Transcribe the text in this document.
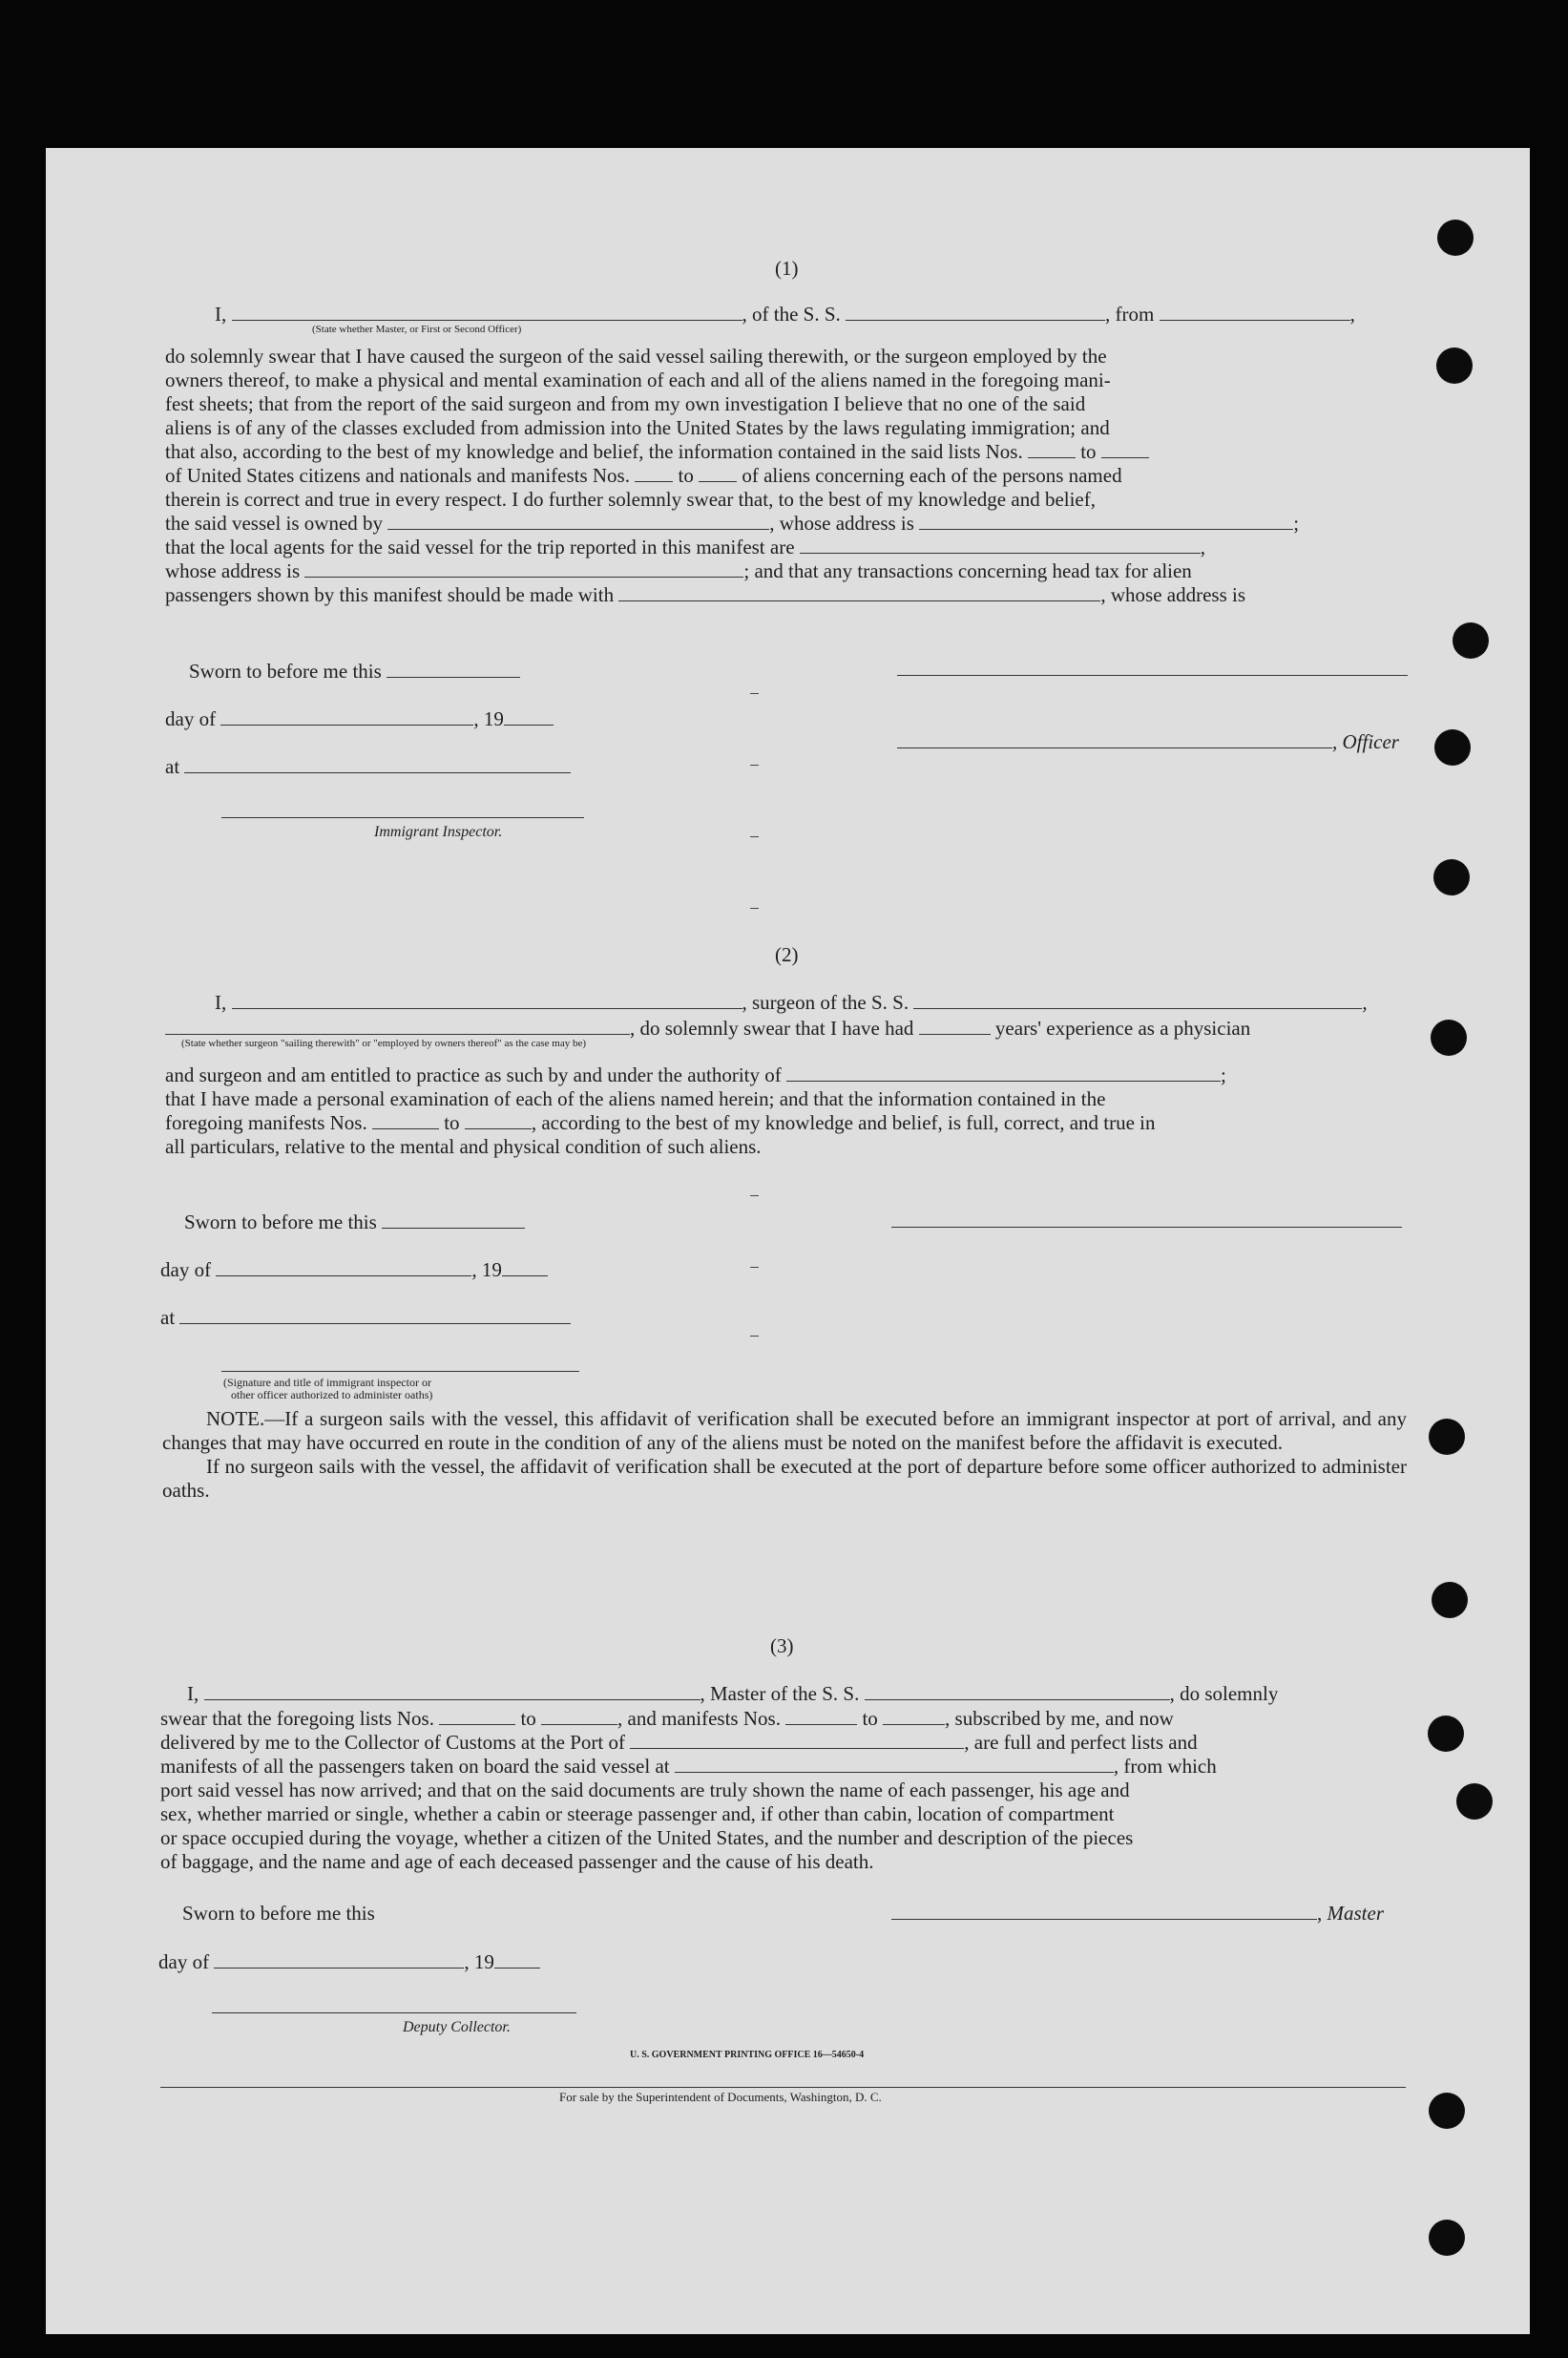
(1)
I,	, of the S. S.	, from	,
(State whether Master, or First or Second Officer)
do solemnly swear that I have caused the surgeon of the said vessel sailing therewith, or the surgeon employed by the
owners thereof, to make a physical and mental examination of each and all of the aliens named in the foregoing mani-
fest sheets; that from the report of the said surgeon and from my own investigation I believe that no one of the said
aliens is of any of the classes excluded from admission into the United States by the laws regulating immigration; and
that also, according to the best of my knowledge and belief, the information contained in the said lists Nos.	to
of United States citizens and nationals and manifests Nos. to of aliens concerning each of the persons named
therein is correct and true in every respect. I do further solemnly swear that, to the best of my knowledge and belief,
the said vessel is owned by	, whose address is	;
that the local agents for the said vessel for the trip reported in this manifest are	,
whose address is	; and that any transactions concerning head tax for alien
passengers shown by this manifest should be made with	, whose address is
Sworn to before me this
day of	, 19
at
Immigrant Inspector.
, Officer
(2)
I,	, surgeon of the S. S.	,
, do solemnly swear that I have had	years' experience as a physician
(State whether surgeon "sailing therewith" or "employed by owners thereof" as the case may be)
and surgeon and am entitled to practice as such by and under the authority of	;
that I have made a personal examination of each of the aliens named herein; and that the information contained in the
foregoing manifests Nos.	to	, according to the best of my knowledge and belief, is full, correct, and true in
all particulars, relative to the mental and physical condition of such aliens.
Sworn to before me this
day of	, 19
at
(Signature and title of immigrant inspector or
other officer authorized to administer oaths)
NOTE.—If a surgeon sails with the vessel, this affidavit of verification shall be executed before an immigrant inspector at port of arrival, and any changes that may have occurred en route in the condition of any of the aliens must be noted on the manifest before the affidavit is executed.
If no surgeon sails with the vessel, the affidavit of verification shall be executed at the port of departure before some officer authorized to administer oaths.
(3)
I,	, Master of the S. S.	, do solemnly
swear that the foregoing lists Nos.	to	, and manifests Nos.	to	, subscribed by me, and now
delivered by me to the Collector of Customs at the Port of	, are full and perfect lists and
manifests of all the passengers taken on board the said vessel at	, from which
port said vessel has now arrived; and that on the said documents are truly shown the name of each passenger, his age and
sex, whether married or single, whether a cabin or steerage passenger and, if other than cabin, location of compartment
or space occupied during the voyage, whether a citizen of the United States, and the number and description of the pieces
of baggage, and the name and age of each deceased passenger and the cause of his death.
Sworn to before me this	, Master
day of	, 19
Deputy Collector.
U. S. GOVERNMENT PRINTING OFFICE 16—54650-4
For sale by the Superintendent of Documents, Washington, D. C.
